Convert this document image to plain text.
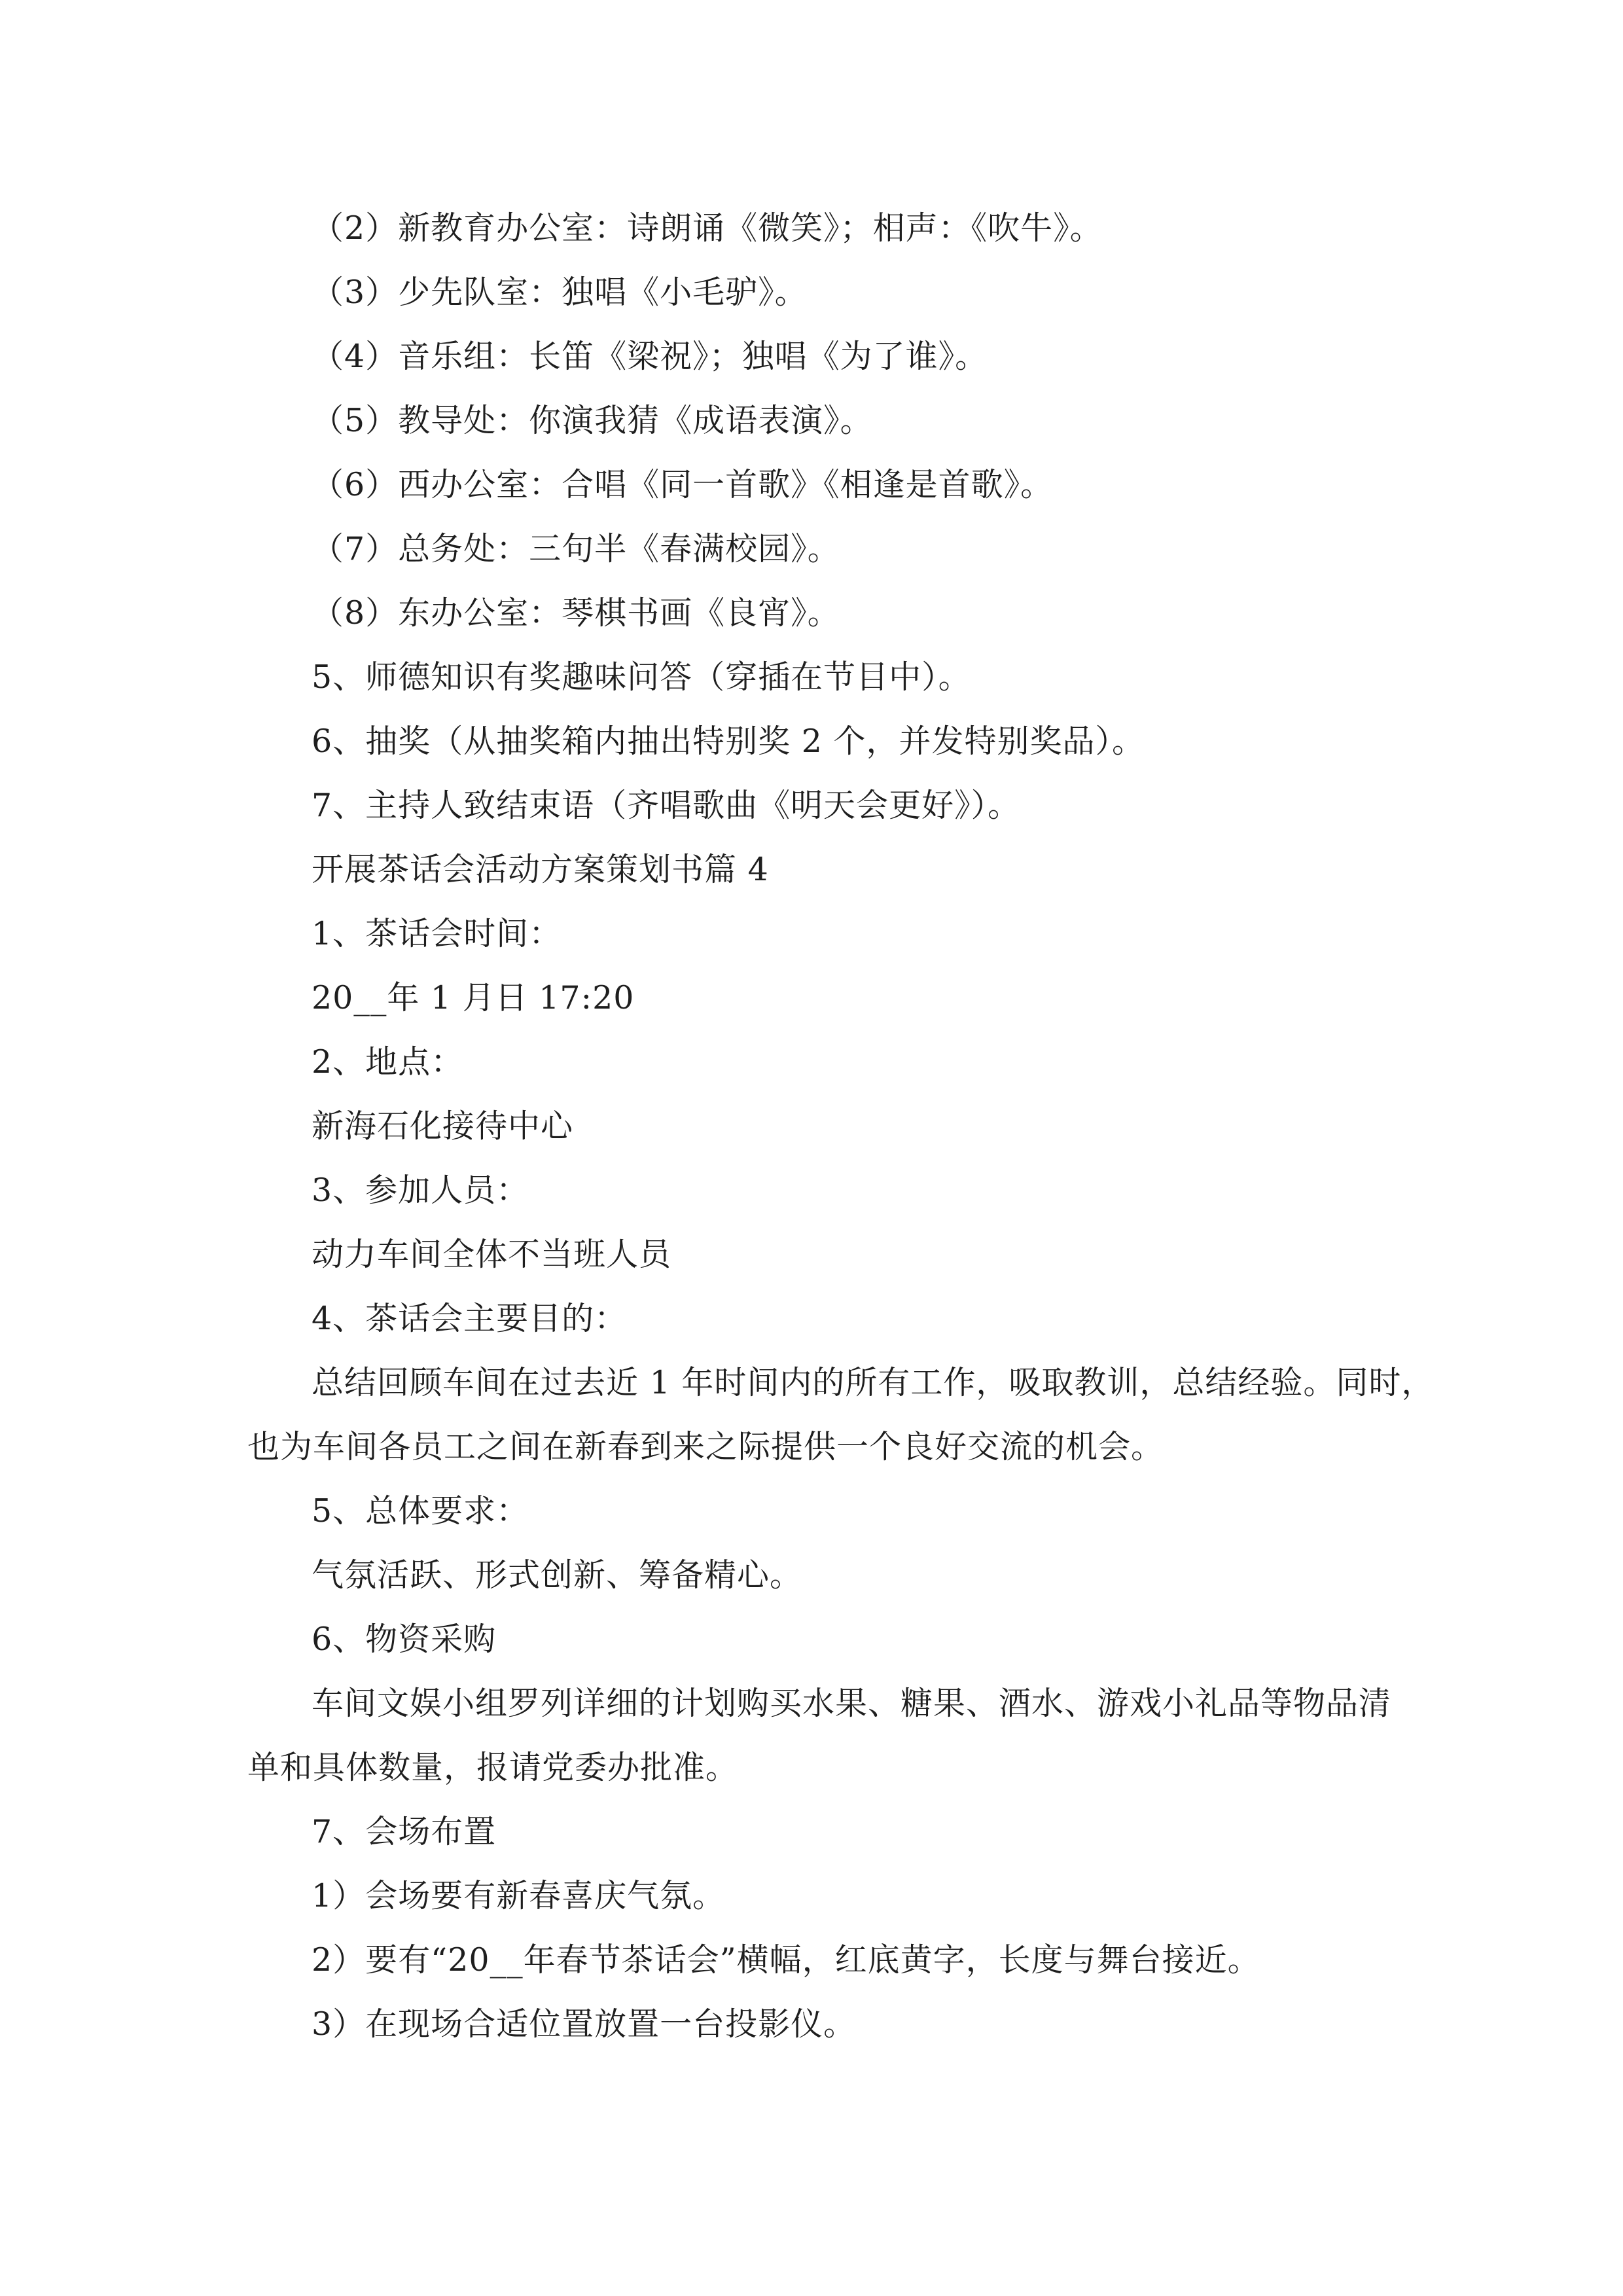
（2）新教育办公室：诗朗诵《微笑》；相声：《吹牛》。
（3）少先队室：独唱《小毛驴》。
（4）音乐组：长笛《梁祝》；独唱《为了谁》。
（5）教导处：你演我猜《成语表演》。
（6）西办公室：合唱《同一首歌》《相逢是首歌》。
（7）总务处：三句半《春满校园》。
（8）东办公室：琴棋书画《良宵》。
5、师德知识有奖趣味问答（穿插在节目中）。
6、抽奖（从抽奖箱内抽出特别奖 2 个，并发特别奖品）。
7、主持人致结束语（齐唱歌曲《明天会更好》）。
开展茶话会活动方案策划书篇 4
1、茶话会时间：
20__年 1 月日 17:20
2、地点：
新海石化接待中心
3、参加人员：
动力车间全体不当班人员
4、茶话会主要目的：
总结回顾车间在过去近 1 年时间内的所有工作，吸取教训，总结经验。同时，
也为车间各员工之间在新春到来之际提供一个良好交流的机会。
5、总体要求：
气氛活跃、形式创新、筹备精心。
6、物资采购
车间文娱小组罗列详细的计划购买水果、糖果、酒水、游戏小礼品等物品清
单和具体数量，报请党委办批准。
7、会场布置
1）会场要有新春喜庆气氛。
2）要有“20__年春节茶话会”横幅，红底黄字，长度与舞台接近。
3）在现场合适位置放置一台投影仪。
